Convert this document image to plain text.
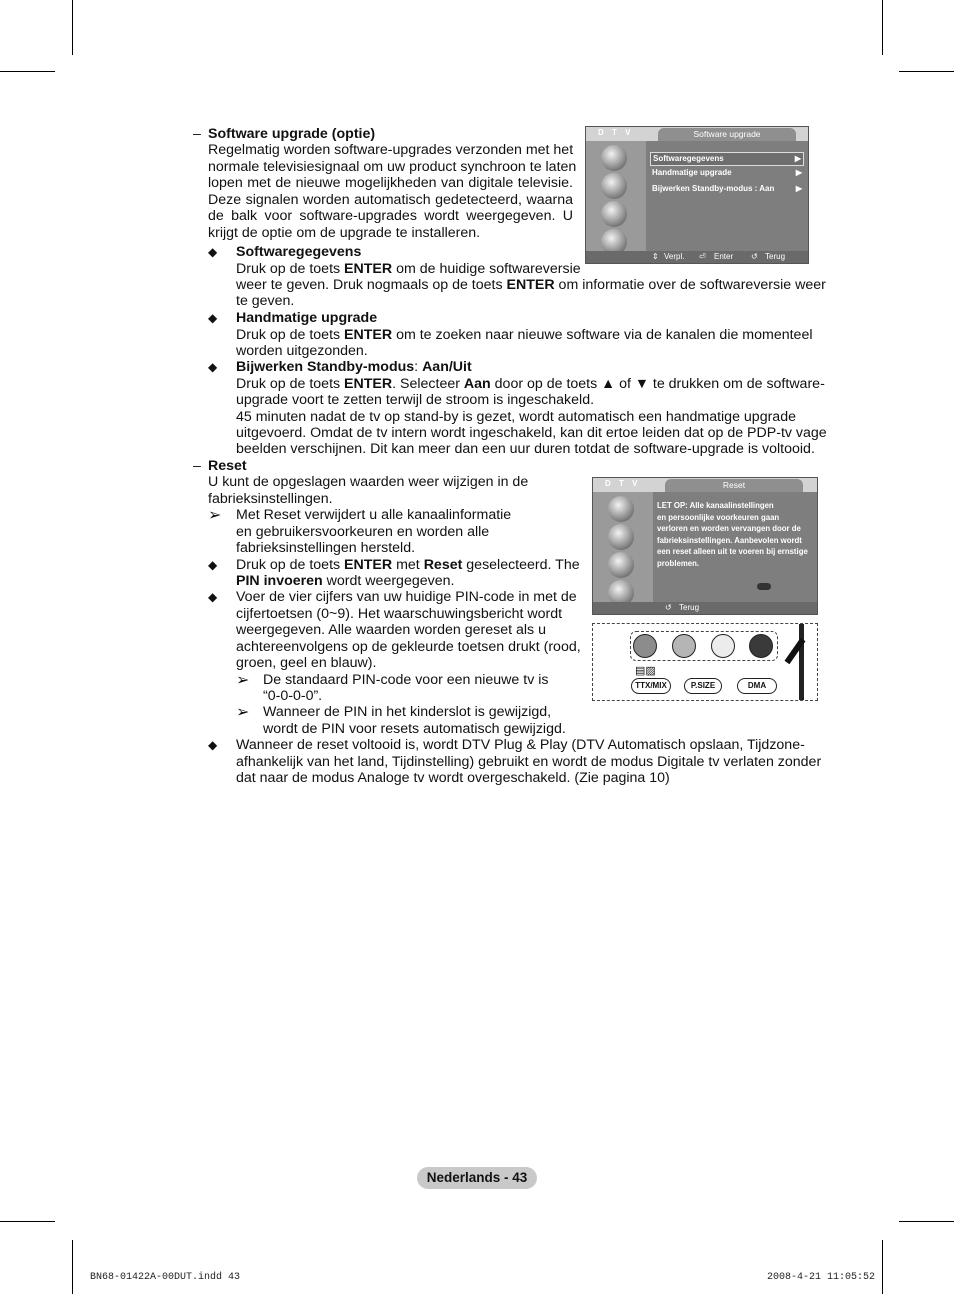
– Software upgrade (optie)
Regelmatig worden software-upgrades verzonden met het
normale televisiesignaal om uw product synchroon te laten
lopen met de nieuwe mogelijkheden van digitale televisie.
Deze signalen worden automatisch gedetecteerd, waarna
de balk voor software-upgrades wordt weergegeven. U
krijgt de optie om de upgrade te installeren.
◆ Softwaregegevens
Druk op de toets ENTER om de huidige softwareversie
weer te geven. Druk nogmaals op de toets ENTER om informatie over de softwareversie weer
te geven.
◆ Handmatige upgrade
Druk op de toets ENTER om te zoeken naar nieuwe software via de kanalen die momenteel
worden uitgezonden.
◆ Bijwerken Standby-modus: Aan/Uit
Druk op de toets ENTER. Selecteer Aan door op de toets ▲ of ▼ te drukken om de software-
upgrade voort te zetten terwijl de stroom is ingeschakeld.
45 minuten nadat de tv op stand-by is gezet, wordt automatisch een handmatige upgrade
uitgevoerd. Omdat de tv intern wordt ingeschakeld, kan dit ertoe leiden dat op de PDP-tv vage
beelden verschijnen. Dit kan meer dan een uur duren totdat de software-upgrade is voltooid.
D T V	Software upgrade
Softwaregegevens	▶
Handmatige upgrade	▶
Bijwerken Standby-modus : Aan	▶
⇕ Verpl. ⏎ Enter ↺ Terug
– Reset
U kunt de opgeslagen waarden weer wijzigen in de
fabrieksinstellingen.
➢ Met Reset verwijdert u alle kanaalinformatie
en gebruikersvoorkeuren en worden alle
fabrieksinstellingen hersteld.
◆ Druk op de toets ENTER met Reset geselecteerd. The
PIN invoeren wordt weergegeven.
◆ Voer de vier cijfers van uw huidige PIN-code in met de
cijfertoetsen (0~9). Het waarschuwingsbericht wordt
weergegeven. Alle waarden worden gereset als u
achtereenvolgens op de gekleurde toetsen drukt (rood,
groen, geel en blauw).
➢ De standaard PIN-code voor een nieuwe tv is
“0-0-0-0”.
➢ Wanneer de PIN in het kinderslot is gewijzigd,
wordt de PIN voor resets automatisch gewijzigd.
◆ Wanneer de reset voltooid is, wordt DTV Plug & Play (DTV Automatisch opslaan, Tijdzone-
afhankelijk van het land, Tijdinstelling) gebruikt en wordt de modus Digitale tv verlaten zonder
dat naar de modus Analoge tv wordt overgeschakeld. (Zie pagina 10)
D T V	Reset
LET OP: Alle kanaalinstellingen
en persoonlijke voorkeuren gaan
verloren en worden vervangen door de
fabrieksinstellingen. Aanbevolen wordt
een reset alleen uit te voeren bij ernstige
problemen.
↺ Terug
▤▨
TTX/MIX	P.SIZE	DMA
Nederlands - 43
BN68-01422A-00DUT.indd 43	2008-4-21 11:05:52
